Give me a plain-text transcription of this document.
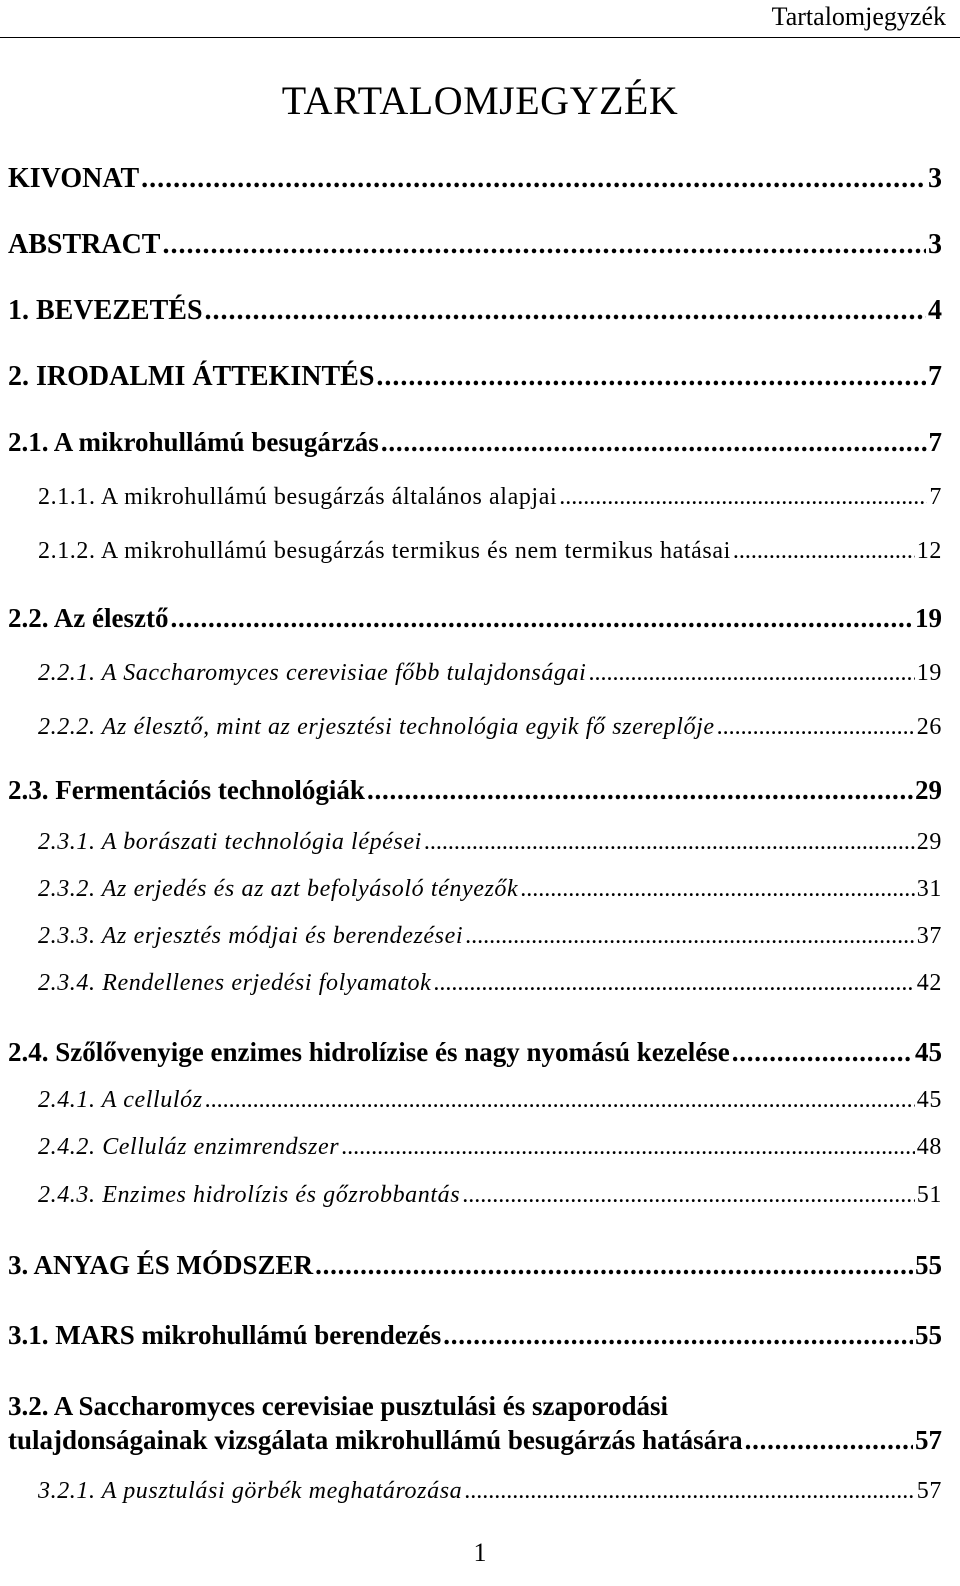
Tartalomjegyzék
TARTALOMJEGYZÉK
KIVONAT . . .	3
ABSTRACT . . .	3
1. BEVEZETÉS . . .	4
2. IRODALMI ÁTTEKINTÉS . . .	7
2.1. A mikrohullámú besugárzás . . .	7
2.1.1. A mikrohullámú besugárzás általános alapjai . . .	7
2.1.2. A mikrohullámú besugárzás termikus és nem termikus hatásai . . .	12
2.2. Az élesztő . . .	19
2.2.1. A Saccharomyces cerevisiae főbb tulajdonságai . . .	19
2.2.2. Az élesztő, mint az erjesztési technológia egyik fő szereplője . . .	26
2.3. Fermentációs technológiák . . .	29
2.3.1. A borászati technológia lépései . . .	29
2.3.2. Az erjedés és az azt befolyásoló tényezők . . .	31
2.3.3. Az erjesztés módjai és berendezései . . .	37
2.3.4. Rendellenes erjedési folyamatok . . .	42
2.4. Szőlővenyige enzimes hidrolízise és nagy nyomású kezelése . . .	45
2.4.1. A cellulóz . . .	45
2.4.2. Celluláz enzimrendszer . . .	48
2.4.3. Enzimes hidrolízis és gőzrobbantás . . .	51
3. ANYAG ÉS MÓDSZER . . .	55
3.1. MARS mikrohullámú berendezés . . .	55
3.2. A Saccharomyces cerevisiae pusztulási és szaporodási
tulajdonságainak vizsgálata mikrohullámú besugárzás hatására . . .	57
3.2.1. A pusztulási görbék meghatározása . . .	57
1
